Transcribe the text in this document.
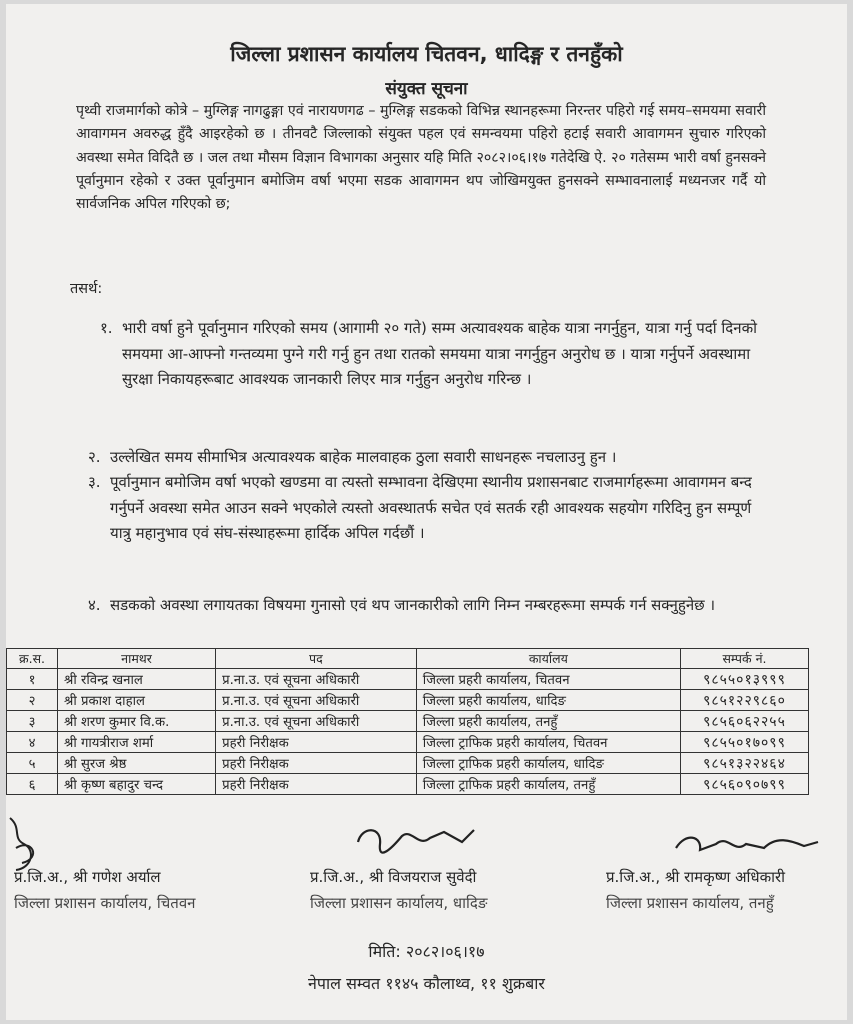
जिल्ला प्रशासन कार्यालय चितवन, धादिङ्ग र तनहुँको
संयुक्त सूचना

पृथ्वी राजमार्गको कोत्रे – मुग्लिङ्ग नागढुङ्गा एवं नारायणगढ – मुग्लिङ्ग सडकको विभिन्न स्थानहरूमा निरन्तर पहिरो गई समय–समयमा सवारी आवागमन अवरुद्ध हुँदै आइरहेको छ । तीनवटै जिल्लाको संयुक्त पहल एवं समन्वयमा पहिरो हटाई सवारी आवागमन सुचारु गरिएको अवस्था समेत विदितै छ । जल तथा मौसम विज्ञान विभागका अनुसार यहि मिति २०८२।०६।१७ गतेदेखि ऐ. २० गतेसम्म भारी वर्षा हुनसक्ने पूर्वानुमान रहेको र उक्त पूर्वानुमान बमोजिम वर्षा भएमा सडक आवागमन थप जोखिमयुक्त हुनसक्ने सम्भावनालाई मध्यनजर गर्दै यो सार्वजनिक अपिल गरिएको छ;

तसर्थ:

१. भारी वर्षा हुने पूर्वानुमान गरिएको समय (आगामी २० गते) सम्म अत्यावश्यक बाहेक यात्रा नगर्नुहुन, यात्रा गर्नु पर्दा दिनको समयमा आ-आफ्नो गन्तव्यमा पुग्ने गरी गर्नु हुन तथा रातको समयमा यात्रा नगर्नुहुन अनुरोध छ । यात्रा गर्नुपर्ने अवस्थामा सुरक्षा निकायहरूबाट आवश्यक जानकारी लिएर मात्र गर्नुहुन अनुरोध गरिन्छ ।

२. उल्लेखित समय सीमाभित्र अत्यावश्यक बाहेक मालवाहक ठुला सवारी साधनहरू नचलाउनु हुन ।

३. पूर्वानुमान बमोजिम वर्षा भएको खण्डमा वा त्यस्तो सम्भावना देखिएमा स्थानीय प्रशासनबाट राजमार्गहरूमा आवागमन बन्द गर्नुपर्ने अवस्था समेत आउन सक्ने भएकोले त्यस्तो अवस्थातर्फ सचेत एवं सतर्क रही आवश्यक सहयोग गरिदिनु हुन सम्पूर्ण यात्रु महानुभाव एवं संघ-संस्थाहरूमा हार्दिक अपिल गर्दछौं ।

४. सडकको अवस्था लगायतका विषयमा गुनासो एवं थप जानकारीको लागि निम्न नम्बरहरूमा सम्पर्क गर्न सक्नुहुनेछ ।

क्र.स.	नामथर	पद	कार्यालय	सम्पर्क नं.
१	श्री रविन्द्र खनाल	प्र.ना.उ. एवं सूचना अधिकारी	जिल्ला प्रहरी कार्यालय, चितवन	९८५५०१३९९९
२	श्री प्रकाश दाहाल	प्र.ना.उ. एवं सूचना अधिकारी	जिल्ला प्रहरी कार्यालय, धादिङ	९८५१२२९८६०
३	श्री शरण कुमार वि.क.	प्र.ना.उ. एवं सूचना अधिकारी	जिल्ला प्रहरी कार्यालय, तनहुँ	९८५६०६२२५५
४	श्री गायत्रीराज शर्मा	प्रहरी निरीक्षक	जिल्ला ट्राफिक प्रहरी कार्यालय, चितवन	९८५५०१७०९९
५	श्री सुरज श्रेष्ठ	प्रहरी निरीक्षक	जिल्ला ट्राफिक प्रहरी कार्यालय, धादिङ	९८५१३२२४६४
६	श्री कृष्ण बहादुर चन्द	प्रहरी निरीक्षक	जिल्ला ट्राफिक प्रहरी कार्यालय, तनहुँ	९८५६०९०७९९
प्र.जि.अ., श्री गणेश अर्याल
जिल्ला प्रशासन कार्यालय, चितवन
प्र.जि.अ., श्री विजयराज सुवेदी
जिल्ला प्रशासन कार्यालय, धादिङ
प्र.जि.अ., श्री रामकृष्ण अधिकारी
जिल्ला प्रशासन कार्यालय, तनहुँ
मिति: २०८२।०६।१७
नेपाल सम्वत ११४५ कौलाथ्व, ११ शुक्रबार
